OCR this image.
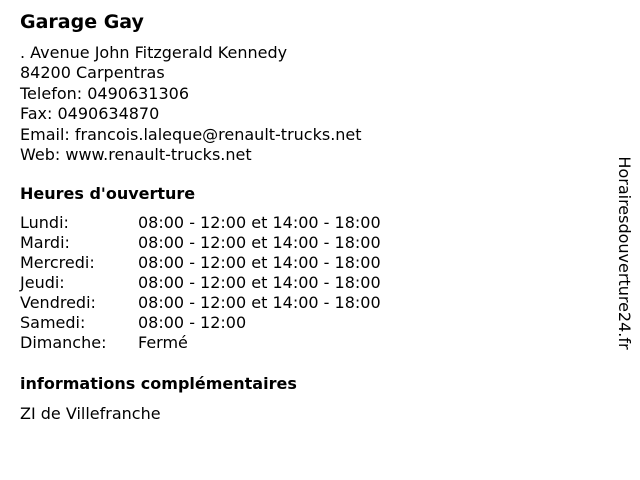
Garage Gay
. Avenue John Fitzgerald Kennedy
84200 Carpentras
Telefon: 0490631306
Fax: 0490634870
Email: francois.laleque@renault-trucks.net
Web: www.renault-trucks.net
Heures d'ouverture
Lundi:	08:00 - 12:00 et 14:00 - 18:00
Mardi:	08:00 - 12:00 et 14:00 - 18:00
Mercredi:	08:00 - 12:00 et 14:00 - 18:00
Jeudi:	08:00 - 12:00 et 14:00 - 18:00
Vendredi:	08:00 - 12:00 et 14:00 - 18:00
Samedi:	08:00 - 12:00
Dimanche:	Fermé
informations complémentaires
ZI de Villefranche
Horairesdouverture24.fr
